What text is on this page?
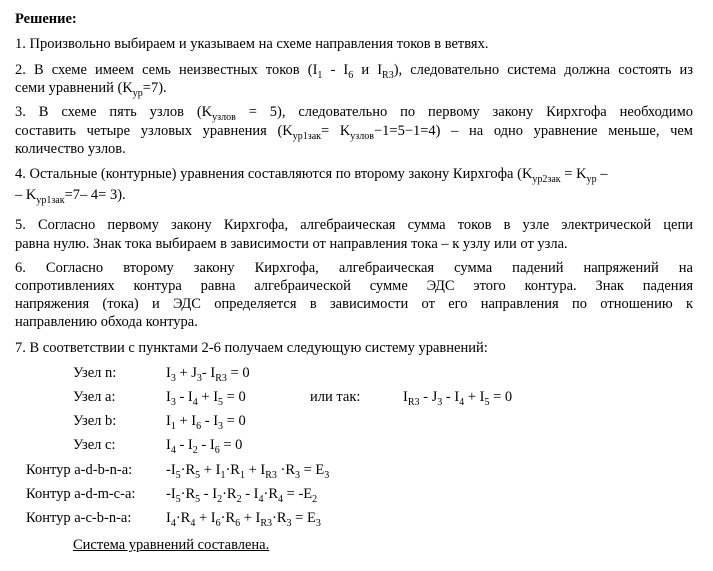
Решение:
1. Произвольно выбираем и указываем на схеме направления токов в ветвях.
2. В схеме имеем семь неизвестных токов ($I_1 - I_6$ и $I_{R3}$), следовательно система должна состоять из
семи уравнений $(K_{ур}=7)$.
3. В схеме пять узлов $(K_{узлов} = 5)$, следовательно по первому закону Кирхгофа необходимо
составить четыре узловых уравнения $(K_{ур1зак}= K_{узлов}-1=5-1=4)$ – на одно уравнение меньше, чем
количество узлов.
4. Остальные (контурные) уравнения составляются по второму закону Кирхгофа ($K_{ур2зак} = K_{ур}$ –
– $K_{ур1зак}=7-$ 4= 3).
5. Согласно первому закону Кирхгофа, алгебраическая сумма токов в узле электрической цепи
равна нулю. Знак тока выбираем в зависимости от направления тока – к узлу или от узла.
6. Согласно второму закону Кирхгофа, алгебраическая сумма падений напряжений на
сопротивлениях контура равна алгебраической сумме ЭДС этого контура. Знак падения
напряжения (тока) и ЭДС определяется в зависимости от его направления по отношению к
направлению обхода контура.
7. В соответствии с пунктами 2-6 получаем следующую систему уравнений:
Узел n:	$I_3 + J_3-$ $I_{R3} = 0$
Узел a:	$I_3 - I_4 + I_5 = 0$	или так:	$I_{R3} - J_3 - I_4 + I_5 = 0$
Узел b:	$I_1 + I_6 - I_3 = 0$
Узел c:	$I_4 - I_2 - I_6 = 0$
Контур a-d-b-n-a: $-I_5\cdot R_5 + I_1\cdot R_1 + I_{R3} \cdot R_3 = E_3$
Контур a-d-m-c-a: $-I_5\cdot R_5 - I_2\cdot R_2 - I_4\cdot R_4 = -E_2$
Контур a-c-b-n-a: $I_4\cdot R_4 + I_6\cdot R_6 + I_{R3}\cdot R_3 = E_3$
Система уравнений составлена.
